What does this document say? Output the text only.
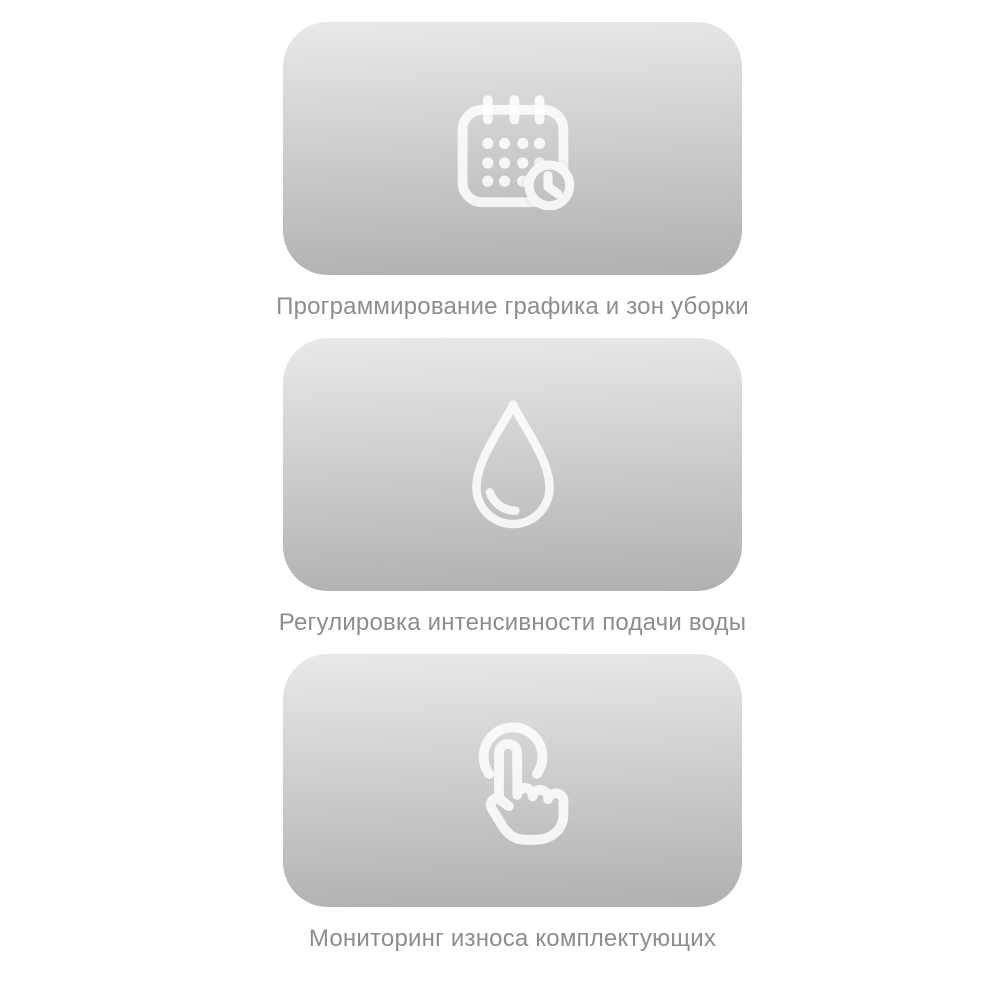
Программирование графика и зон уборки
Регулировка интенсивности подачи воды
Мониторинг износа комплектующих
